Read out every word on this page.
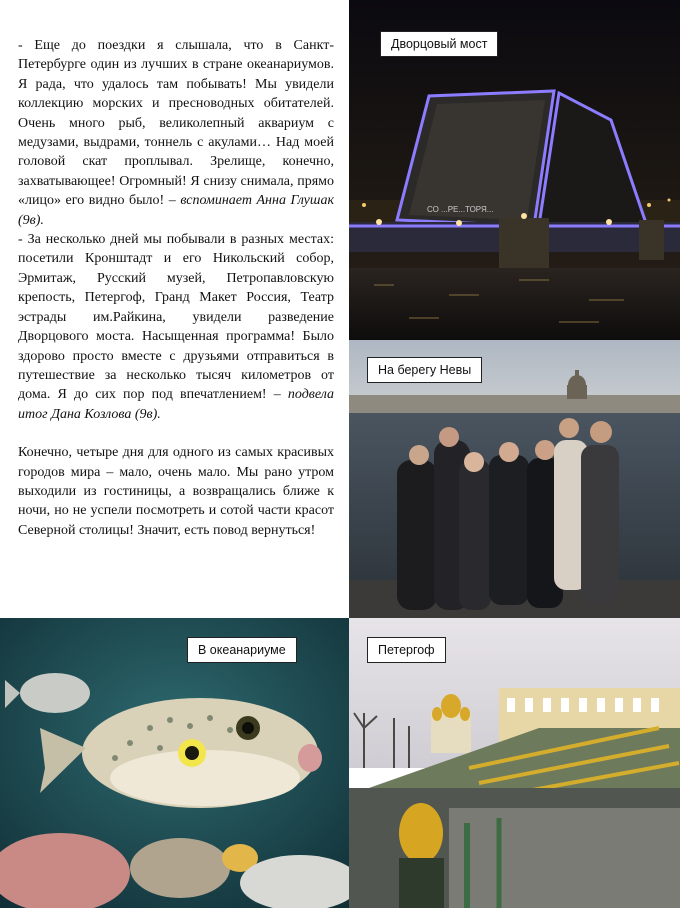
- Еще до поездки я слышала, что в Санкт-Петербурге один из лучших в стране океанариумов. Я рада, что удалось там побывать! Мы увидели коллекцию морских и пресноводных обитателей. Очень много рыб, великолепный аквариум с медузами, выдрами, тоннель с акулами… Над моей головой скат проплывал. Зрелище, конечно, захватывающее! Огромный! Я снизу снимала, прямо «лицо» его видно было! – вспоминает Анна Глушак (9в).

- За несколько дней мы побывали в разных местах: посетили Кронштадт и его Никольский собор, Эрмитаж, Русский музей, Петропавловскую крепость, Петергоф, Гранд Макет Россия, Театр эстрады им.Райкина, увидели разведение Дворцового моста. Насыщенная программа! Было здорово просто вместе с друзьями отправиться в путешествие за несколько тысяч километров от дома. Я до сих пор под впечатлением! – подвела итог Дана Козлова (9в).

Конечно, четыре дня для одного из самых красивых городов мира – мало, очень мало. Мы рано утром выходили из гостиницы, а возвращались ближе к ночи, но не успели посмотреть и сотой части красот Северной столицы! Значит, есть повод вернуться!

СО ...РЕ...ТОРЯ...
Дворцовый мост
На берегу Невы
В океанариуме	Петергоф
